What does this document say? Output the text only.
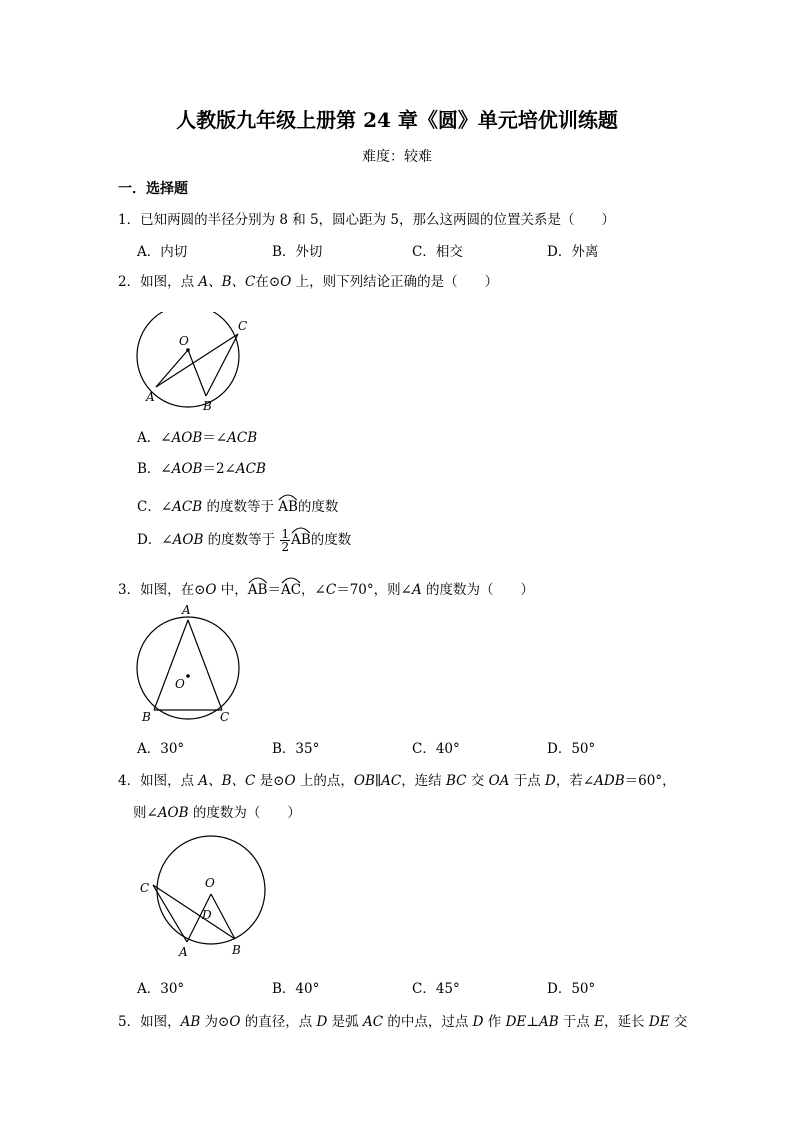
人教版九年级上册第 24 章《圆》单元培优训练题
难度：较难
一．选择题
1．已知两圆的半径分别为 8 和 5，圆心距为 5，那么这两圆的位置关系是（　　）
A．内切	B．外切	C．相交	D．外离
2．如图，点 A、B、C在⊙O 上，则下列结论正确的是（　　）
O
A
B
C
A．∠AOB＝∠ACB
B．∠AOB＝2∠ACB
C．∠ACB 的度数等于
AB的度数
D．∠AOB 的度数等于 $\frac{1}{2}$ AB的度数
3．如图，在⊙O 中，
AB＝
AC，∠C＝70°，则∠A 的度数为（　　）
A
O
B	C
A．30°	B．35°	C．40°	D．50°
4．如图，点 A、B、C 是⊙O 上的点，OB∥AC，连结 BC 交 OA 于点 D，若∠ADB＝60°，
则∠AOB 的度数为（　　）
O
C
D
A	B
A．30°	B．40°	C．45°	D．50°
5．如图，AB 为⊙O 的直径，点 D 是弧 AC 的中点，过点 D 作 DE⊥AB 于点 E，延长 DE 交
